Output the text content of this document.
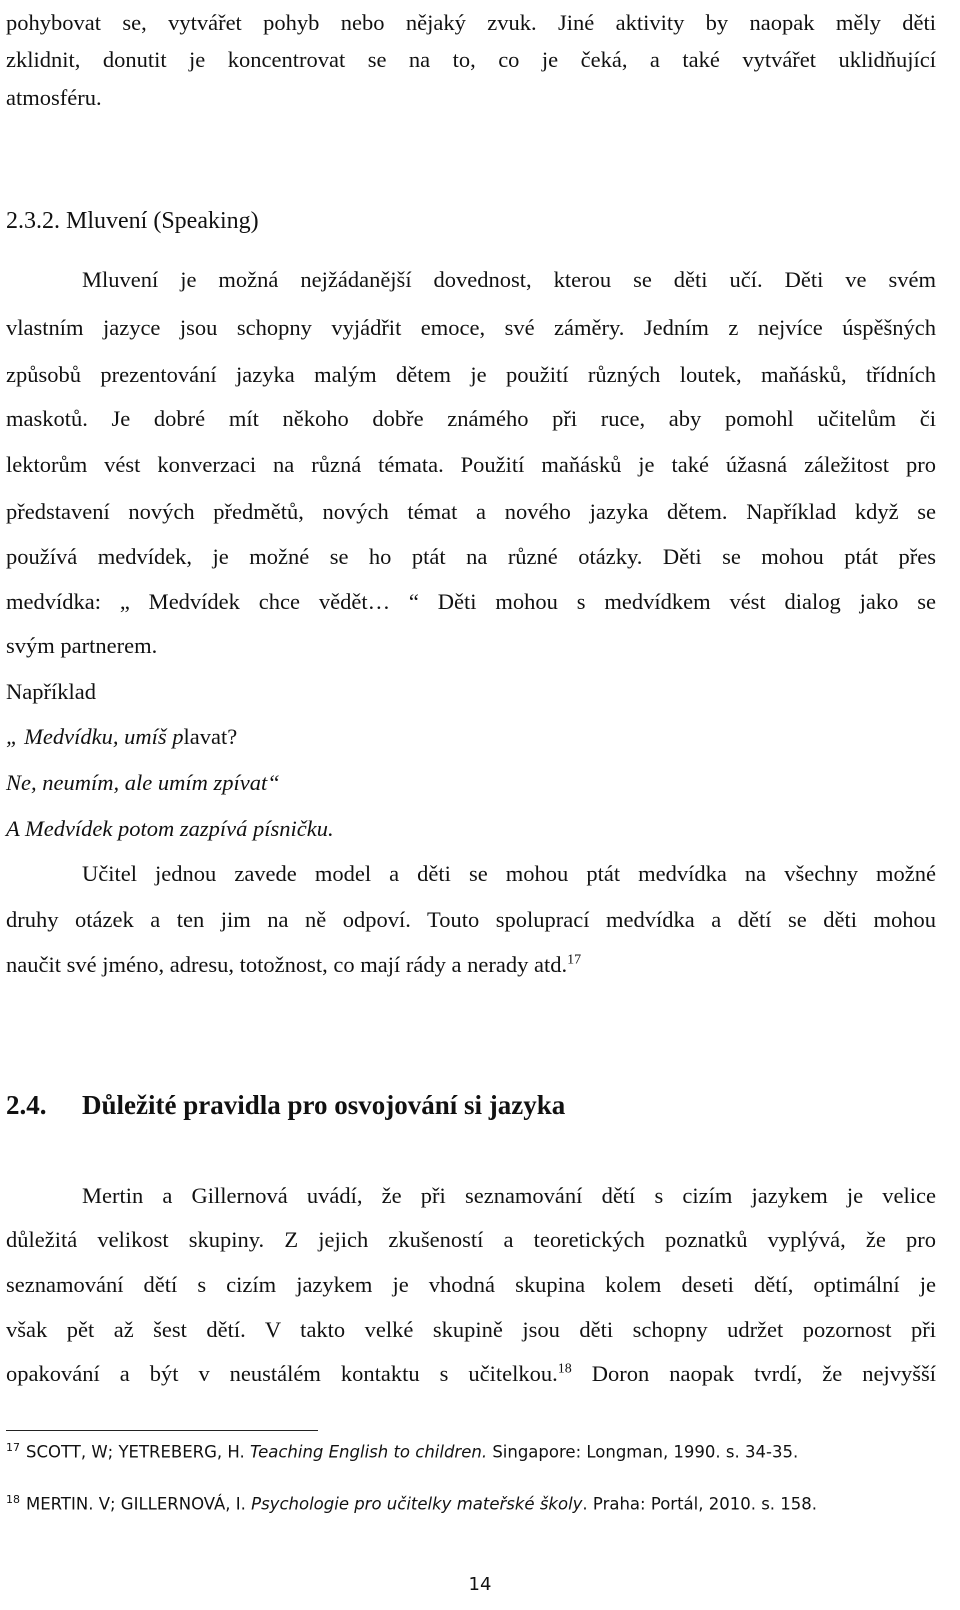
pohybovat se, vytvářet pohyb nebo nějaký zvuk. Jiné aktivity by naopak měly děti
zklidnit, donutit je koncentrovat se na to, co je čeká, a také vytvářet uklidňující
atmosféru.
2.3.2. Mluvení (Speaking)
Mluvení je možná nejžádanější dovednost, kterou se děti učí. Děti ve svém
vlastním jazyce jsou schopny vyjádřit emoce, své záměry. Jedním z nejvíce úspěšných
způsobů prezentování jazyka malým dětem je použití různých loutek, maňásků, třídních
maskotů. Je dobré mít někoho dobře známého při ruce, aby pomohl učitelům či
lektorům vést konverzaci na různá témata. Použití maňásků je také úžasná záležitost pro
představení nových předmětů, nových témat a nového jazyka dětem. Například když se
používá medvídek, je možné se ho ptát na různé otázky. Děti se mohou ptát přes
medvídka: „ Medvídek chce vědět… “ Děti mohou s medvídkem vést dialog jako se
svým partnerem.
Například
„ Medvídku, umíš plavat?
Ne, neumím, ale umím zpívat“
A Medvídek potom zazpívá písničku.
Učitel jednou zavede model a děti se mohou ptát medvídka na všechny možné
druhy otázek a ten jim na ně odpoví. Touto spoluprací medvídka a dětí se děti mohou
naučit své jméno, adresu, totožnost, co mají rády a nerady atd.$^{17}$
2.4. Důležité pravidla pro osvojování si jazyka
Mertin a Gillernová uvádí, že při seznamování dětí s cizím jazykem je velice
důležitá velikost skupiny. Z jejich zkušeností a teoretických poznatků vyplývá, že pro
seznamování dětí s cizím jazykem je vhodná skupina kolem deseti dětí, optimální je
však pět až šest dětí. V takto velké skupině jsou děti schopny udržet pozornost při
opakování a být v neustálém kontaktu s učitelkou.$^{18}$ Doron naopak tvrdí, že nejvyšší
$^{17}$ SCOTT, W; YETREBERG, H. Teaching English to children. Singapore: Longman, 1990. s. 34-35.
$^{18}$ MERTIN. V; GILLERNOVÁ, I. Psychologie pro učitelky mateřské školy. Praha: Portál, 2010. s. 158.
14
